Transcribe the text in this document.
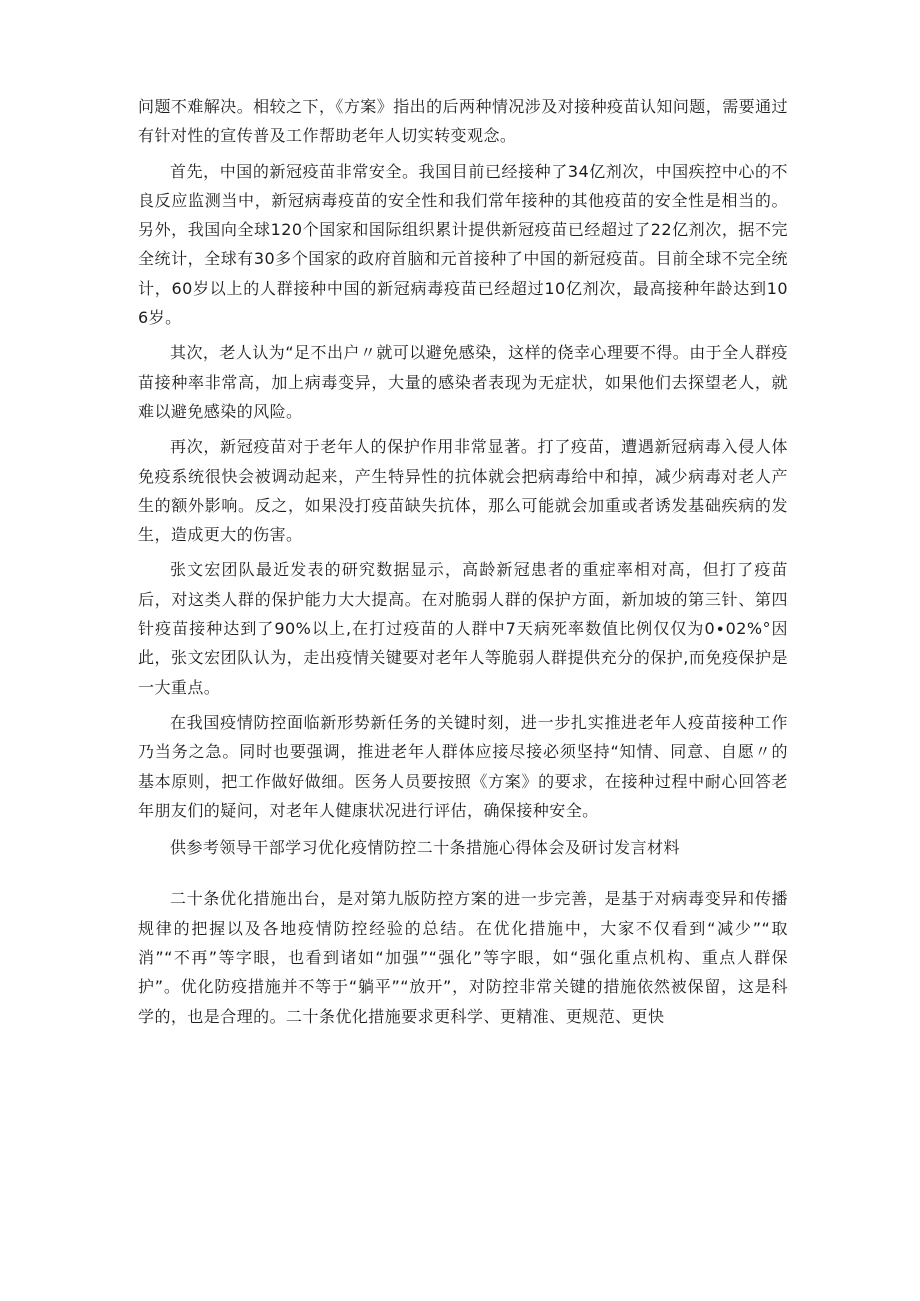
问题不难解决。相较之下，《方案》指出的后两种情况涉及对接种疫苗认知问题，需要通过有针对性的宣传普及工作帮助老年人切实转变观念。

首先，中国的新冠疫苗非常安全。我国目前已经接种了34亿剂次，中国疾控中心的不良反应监测当中，新冠病毒疫苗的安全性和我们常年接种的其他疫苗的安全性是相当的。另外，我国向全球120个国家和国际组织累计提供新冠疫苗已经超过了22亿剂次，据不完全统计，全球有30多个国家的政府首脑和元首接种了中国的新冠疫苗。目前全球不完全统计，60岁以上的人群接种中国的新冠病毒疫苗已经超过10亿剂次，最高接种年龄达到106岁。

其次，老人认为“足不出户〃就可以避免感染，这样的侥幸心理要不得。由于全人群疫苗接种率非常高，加上病毒变异，大量的感染者表现为无症状，如果他们去探望老人，就难以避免感染的风险。

再次，新冠疫苗对于老年人的保护作用非常显著。打了疫苗，遭遇新冠病毒入侵人体免疫系统很快会被调动起来，产生特异性的抗体就会把病毒给中和掉，减少病毒对老人产生的额外影响。反之，如果没打疫苗缺失抗体，那么可能就会加重或者诱发基础疾病的发生，造成更大的伤害。

张文宏团队最近发表的研究数据显示，高龄新冠患者的重症率相对高，但打了疫苗后，对这类人群的保护能力大大提高。在对脆弱人群的保护方面，新加坡的第三针、第四针疫苗接种达到了90%以上,在打过疫苗的人群中7天病死率数值比例仅仅为0∙02%°因此，张文宏团队认为，走出疫情关键要对老年人等脆弱人群提供充分的保护,而免疫保护是一大重点。

在我国疫情防控面临新形势新任务的关键时刻，进一步扎实推进老年人疫苗接种工作乃当务之急。同时也要强调，推进老年人群体应接尽接必须坚持“知情、同意、自愿〃的基本原则，把工作做好做细。医务人员要按照《方案》的要求，在接种过程中耐心回答老年朋友们的疑问，对老年人健康状况进行评估，确保接种安全。

供参考领导干部学习优化疫情防控二十条措施心得体会及研讨发言材料

二十条优化措施出台，是对第九版防控方案的进一步完善，是基于对病毒变异和传播规律的把握以及各地疫情防控经验的总结。在优化措施中，大家不仅看到“减少”“取消”“不再”等字眼，也看到诸如“加强”“强化”等字眼，如“强化重点机构、重点人群保护”。优化防疫措施并不等于“躺平”“放开”，对防控非常关键的措施依然被保留，这是科学的，也是合理的。二十条优化措施要求更科学、更精准、更规范、更快
